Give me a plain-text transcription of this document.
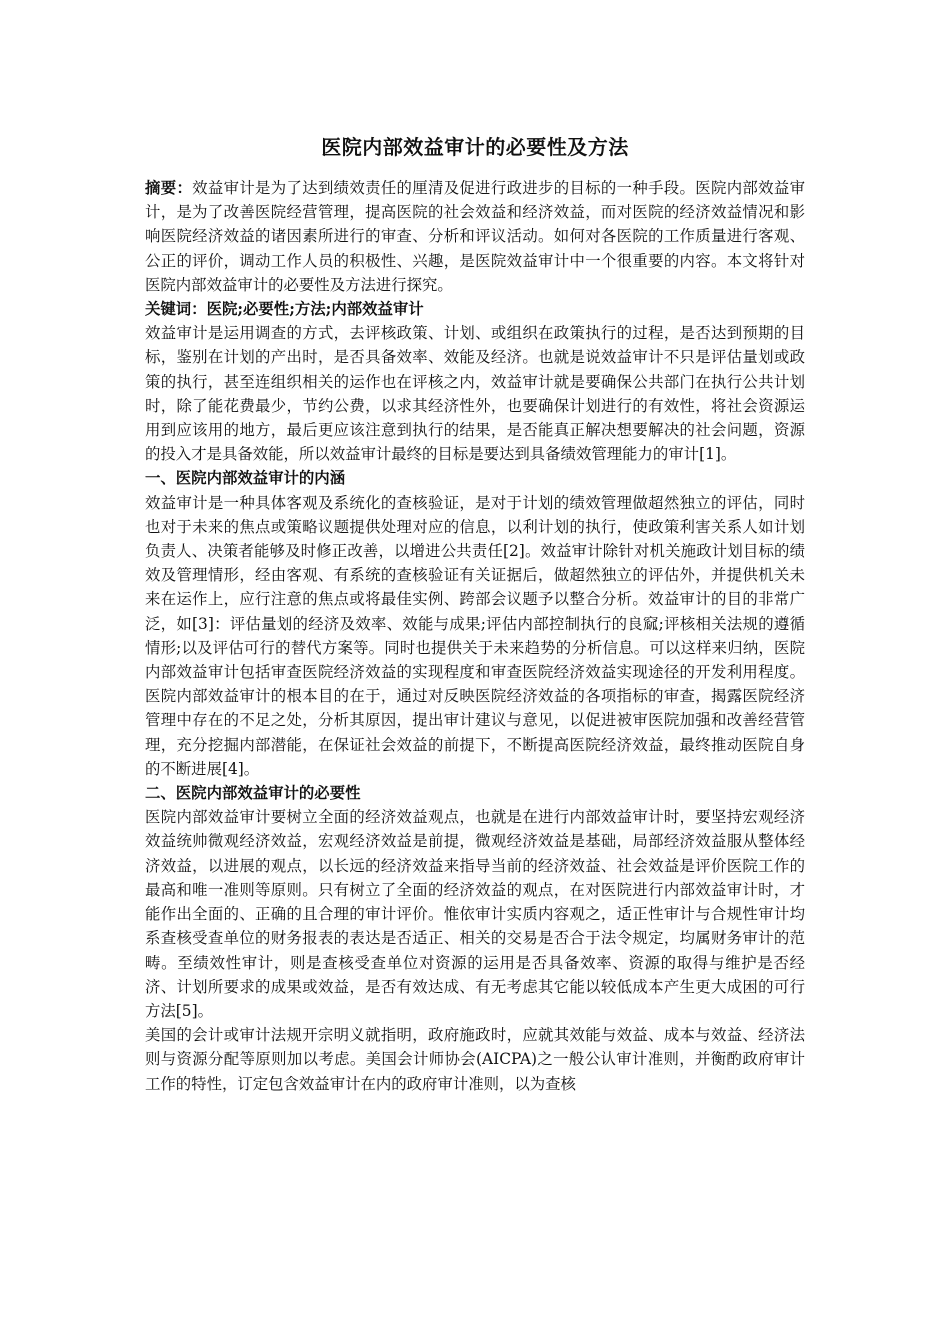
医院内部效益审计的必要性及方法

摘要：效益审计是为了达到绩效责任的厘清及促进行政进步的目标的一种手段。医院内部效益审计，是为了改善医院经营管理，提高医院的社会效益和经济效益，而对医院的经济效益情况和影响医院经济效益的诸因素所进行的审查、分析和评议活动。如何对各医院的工作质量进行客观、公正的评价，调动工作人员的积极性、兴趣，是医院效益审计中一个很重要的内容。本文将针对医院内部效益审计的必要性及方法进行探究。

关键词：医院;必要性;方法;内部效益审计

效益审计是运用调查的方式，去评核政策、计划、或组织在政策执行的过程，是否达到预期的目标，鉴别在计划的产出时，是否具备效率、效能及经济。也就是说效益审计不只是评估量划或政策的执行，甚至连组织相关的运作也在评核之内，效益审计就是要确保公共部门在执行公共计划时，除了能花费最少，节约公费，以求其经济性外，也要确保计划进行的有效性，将社会资源运用到应该用的地方，最后更应该注意到执行的结果，是否能真正解决想要解决的社会问题，资源的投入才是具备效能，所以效益审计最终的目标是要达到具备绩效管理能力的审计[1]。

一、医院内部效益审计的内涵

效益审计是一种具体客观及系统化的查核验证，是对于计划的绩效管理做超然独立的评估，同时也对于未来的焦点或策略议题提供处理对应的信息，以利计划的执行，使政策利害关系人如计划负责人、决策者能够及时修正改善，以增进公共责任[2]。效益审计除针对机关施政计划目标的绩效及管理情形，经由客观、有系统的查核验证有关证据后，做超然独立的评估外，并提供机关未来在运作上，应行注意的焦点或将最佳实例、跨部会议题予以整合分析。效益审计的目的非常广泛，如[3]：评估量划的经济及效率、效能与成果;评估内部控制执行的良窳;评核相关法规的遵循情形;以及评估可行的替代方案等。同时也提供关于未来趋势的分析信息。可以这样来归纳，医院内部效益审计包括审查医院经济效益的实现程度和审查医院经济效益实现途径的开发利用程度。医院内部效益审计的根本目的在于，通过对反映医院经济效益的各项指标的审查，揭露医院经济管理中存在的不足之处，分析其原因，提出审计建议与意见，以促进被审医院加强和改善经营管理，充分挖掘内部潜能，在保证社会效益的前提下，不断提高医院经济效益，最终推动医院自身的不断进展[4]。

二、医院内部效益审计的必要性

医院内部效益审计要树立全面的经济效益观点，也就是在进行内部效益审计时，要坚持宏观经济效益统帅微观经济效益，宏观经济效益是前提，微观经济效益是基础，局部经济效益服从整体经济效益，以进展的观点，以长远的经济效益来指导当前的经济效益、社会效益是评价医院工作的最高和唯一准则等原则。只有树立了全面的经济效益的观点，在对医院进行内部效益审计时，才能作出全面的、正确的且合理的审计评价。惟依审计实质内容观之，适正性审计与合规性审计均系查核受查单位的财务报表的表达是否适正、相关的交易是否合于法令规定，均属财务审计的范畴。至绩效性审计，则是查核受查单位对资源的运用是否具备效率、资源的取得与维护是否经济、计划所要求的成果或效益，是否有效达成、有无考虑其它能以较低成本产生更大成困的可行方法[5]。

美国的会计或审计法规开宗明义就指明，政府施政时，应就其效能与效益、成本与效益、经济法则与资源分配等原则加以考虑。美国会计师协会(AICPA)之一般公认审计准则，并衡酌政府审计工作的特性，订定包含效益审计在内的政府审计准则，以为查核
